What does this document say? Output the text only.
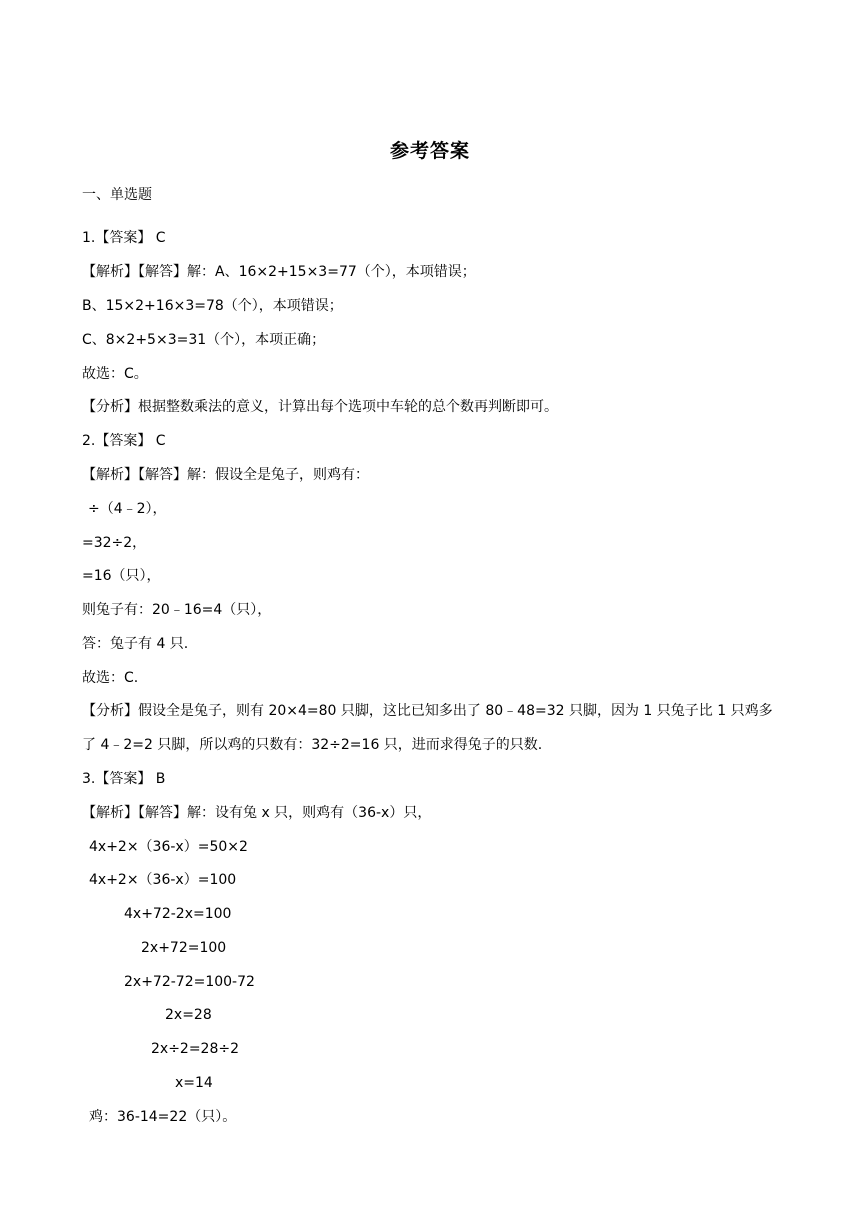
参考答案
一、单选题
1.【答案】 C
【解析】【解答】解：A、16×2+15×3=77（个），本项错误；
B、15×2+16×3=78（个），本项错误；
C、8×2+5×3=31（个），本项正确；
故选：C。
【分析】根据整数乘法的意义，计算出每个选项中车轮的总个数再判断即可。
2.【答案】 C
【解析】【解答】解：假设全是兔子，则鸡有：
÷（4﹣2），
=32÷2，
=16（只），
则兔子有：20﹣16=4（只），
答：兔子有 4 只.
故选：C.
【分析】假设全是兔子，则有 20×4=80 只脚，这比已知多出了 80﹣48=32 只脚，因为 1 只兔子比 1 只鸡多
了 4﹣2=2 只脚，所以鸡的只数有：32÷2=16 只，进而求得兔子的只数.
3.【答案】 B
【解析】【解答】解：设有兔 x 只，则鸡有（36-x）只，
4x+2×（36-x）=50×2
4x+2×（36-x）=100
4x+72-2x=100
2x+72=100
2x+72-72=100-72
2x=28
2x÷2=28÷2
x=14
鸡：36-14=22（只）。
